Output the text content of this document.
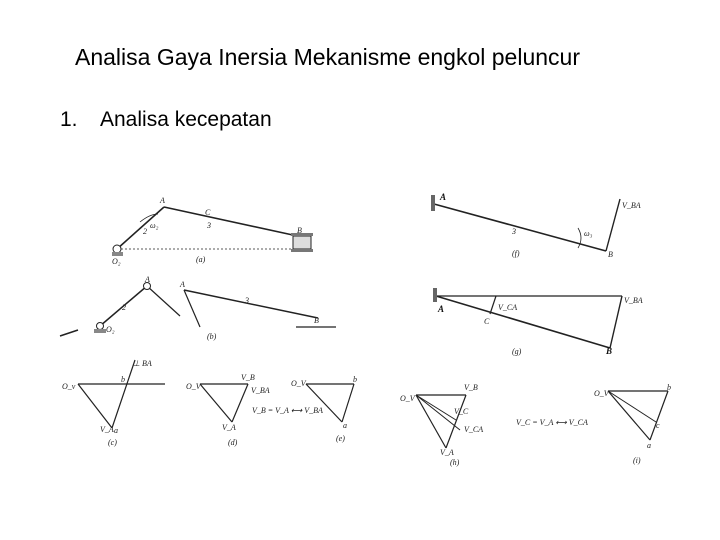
Analisa Gaya Inersia Mekanisme engkol peluncur
1. Analisa kecepatan
A
C
B
2
3
O₂
ω₂
(a)
A
A
2
3
B
O₂
(b)
⊥ BA
O_v
b
a
V_A
(c)
O_V
V_B
V_BA
V_A
V_B = V_A ⟷ V_BA
(d)
O_V	b
a
(e)
A
V_BA
3	ω₃
B
(f)
V_CA
V_BA
A
C
B
(g)
O_V
V_B
V_C
V_CA
V_A
(h)
V_C = V_A ⟷ V_CA
O_V
b
c
a
(i)
